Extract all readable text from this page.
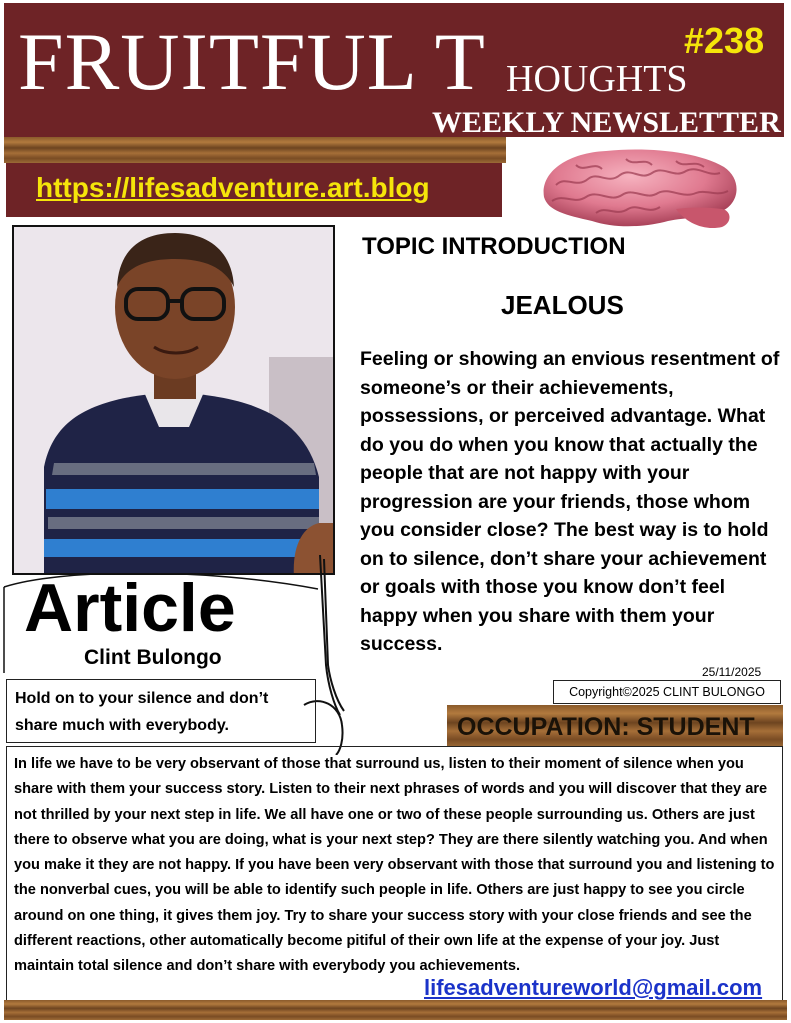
FRUITFUL T HOUGHTS
#238
WEEKLY NEWSLETTER
https://lifesadventure.art.blog
TOPIC INTRODUCTION
JEALOUS
Feeling or showing an envious resentment of someone’s or their achievements, possessions, or perceived advantage. What do you do when you know that actually the people that are not happy with your progression are your friends, those whom you consider close? The best way is to hold on to silence, don’t share your achievement or goals with those you know don’t feel happy when you share with them your success.
Article
Clint Bulongo
25/11/2025
Copyright©2025 CLINT BULONGO
Hold on to your silence and don’t share much with everybody.	OCCUPATION: STUDENT
In life we have to be very observant of those that surround us, listen to their moment of silence when you share with them your success story. Listen to their next phrases of words and you will discover that they are not thrilled by your next step in life. We all have one or two of these people surrounding us. Others are just there to observe what you are doing, what is your next step? They are there silently watching you. And when you make it they are not happy. If you have been very observant with those that surround you and listening to the nonverbal cues, you will be able to identify such people in life. Others are just happy to see you circle around on one thing, it gives them joy. Try to share your success story with your close friends and see the different reactions, other automatically become pitiful of their own life at the expense of your joy. Just maintain total silence and don’t share with everybody you achievements.
lifesadventureworld@gmail.com
